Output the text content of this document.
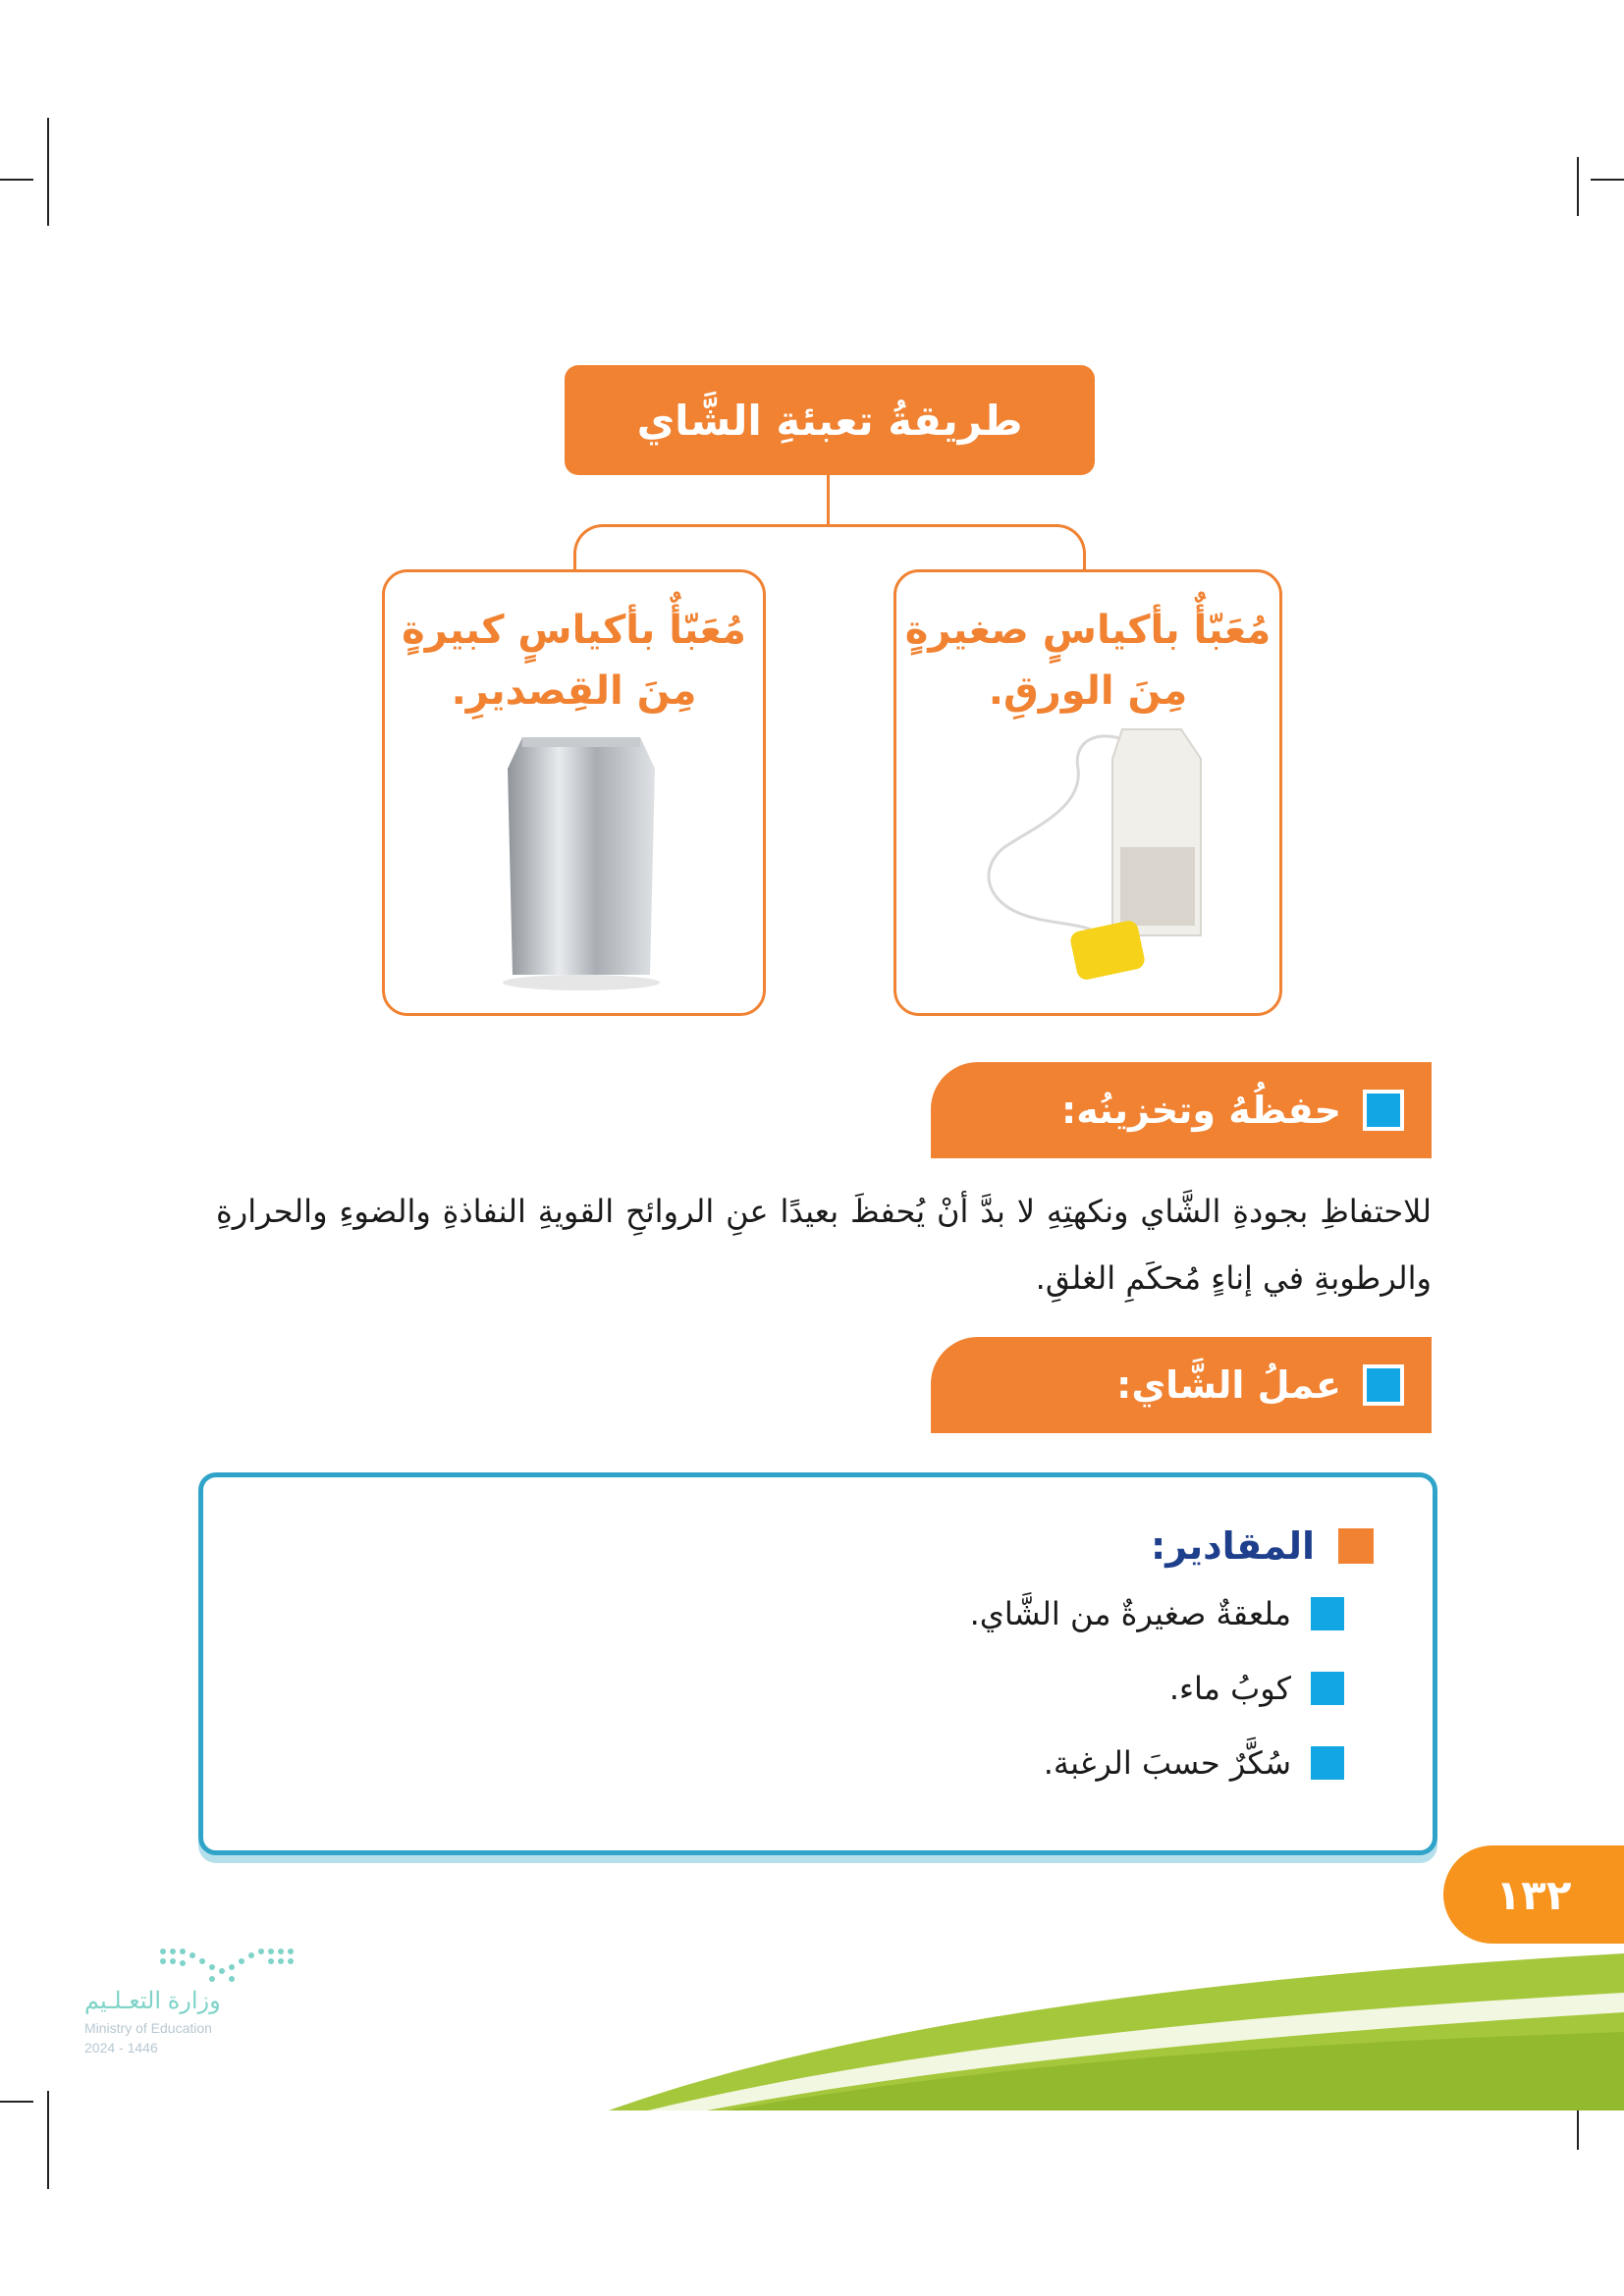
طريقةُ تعبئةِ الشَّاي
مُعَبّأٌ بأكياسٍ صغيرةٍ
مِنَ الورقِ.
مُعَبّأٌ بأكياسٍ كبيرةٍ
مِنَ القِصديرِ.
حفظُهُ وتخزينُه:
للاحتفاظِ بجودةِ الشَّاي ونكهتِهِ لا بدَّ أنْ يُحفظَ بعيدًا عنِ الروائحِ القويةِ النفاذةِ والضوءِ والحرارةِ والرطوبةِ في إناءٍ مُحكَمِ الغلقِ.
عملُ الشَّاي:
المقادير:
ملعقةٌ صغيرةٌ من الشَّاي.
كوبُ ماء.
سُكَّرٌ حسبَ الرغبة.
١٣٢
وزارة التعـلـيم
Ministry of Education
2024 - 1446
